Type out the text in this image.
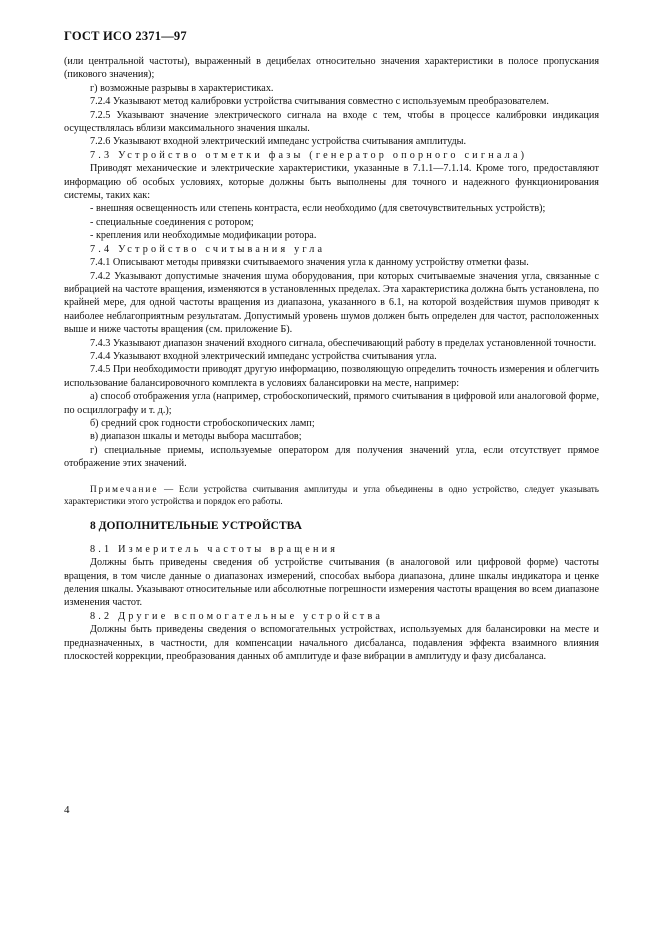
ГОСТ ИСО 2371—97

(или центральной частоты), выраженный в децибелах относительно значения характеристики в полосе пропускания (пикового значения);

г) возможные разрывы в характеристиках.

7.2.4 Указывают метод калибровки устройства считывания совместно с используемым преобразователем.

7.2.5 Указывают значение электрического сигнала на входе с тем, чтобы в процессе калибровки индикация осуществлялась вблизи максимального значения шкалы.

7.2.6 Указывают входной электрический импеданс устройства считывания амплитуды.

7.3 Устройство отметки фазы (генератор опорного сигнала)

Приводят механические и электрические характеристики, указанные в 7.1.1—7.1.14. Кроме того, предоставляют информацию об особых условиях, которые должны быть выполнены для точного и надежного функционирования системы, таких как:

- внешняя освещенность или степень контраста, если необходимо (для светочувствительных устройств);

- специальные соединения с ротором;

- крепления или необходимые модификации ротора.

7.4 Устройство считывания угла

7.4.1 Описывают методы привязки считываемого значения угла к данному устройству отметки фазы.

7.4.2 Указывают допустимые значения шума оборудования, при которых считываемые значения угла, связанные с вибрацией на частоте вращения, изменяются в установленных пределах. Эта характеристика должна быть установлена, по крайней мере, для одной частоты вращения из диапазона, указанного в 6.1, на которой воздействия шумов приводят к наиболее неблагоприятным результатам. Допустимый уровень шумов должен быть определен для частот, расположенных выше и ниже частоты вращения (см. приложение Б).

7.4.3 Указывают диапазон значений входного сигнала, обеспечивающий работу в пределах установленной точности.

7.4.4 Указывают входной электрический импеданс устройства считывания угла.

7.4.5 При необходимости приводят другую информацию, позволяющую определить точность измерения и облегчить использование балансировочного комплекта в условиях балансировки на месте, например:

а) способ отображения угла (например, стробоскопический, прямого считывания в цифровой или аналоговой форме, по осциллографу и т. д.);

б) средний срок годности стробоскопических ламп;

в) диапазон шкалы и методы выбора масштабов;

г) специальные приемы, используемые оператором для получения значений угла, если отсутствует прямое отображение этих значений.

Примечание — Если устройства считывания амплитуды и угла объединены в одно устройство, следует указывать характеристики этого устройства и порядок его работы.

8 ДОПОЛНИТЕЛЬНЫЕ УСТРОЙСТВА

8.1 Измеритель частоты вращения

Должны быть приведены сведения об устройстве считывания (в аналоговой или цифровой форме) частоты вращения, в том числе данные о диапазонах измерений, способах выбора диапазона, длине шкалы индикатора и ценке деления шкалы. Указывают относительные или абсолютные погрешности измерения частоты вращения во всем диапазоне изменения частот.

8.2 Другие вспомогательные устройства

Должны быть приведены сведения о вспомогательных устройствах, используемых для балансировки на месте и предназначенных, в частности, для компенсации начального дисбаланса, подавления эффекта взаимного влияния плоскостей коррекции, преобразования данных об амплитуде и фазе вибрации в амплитуду и фазу дисбаланса.

4
